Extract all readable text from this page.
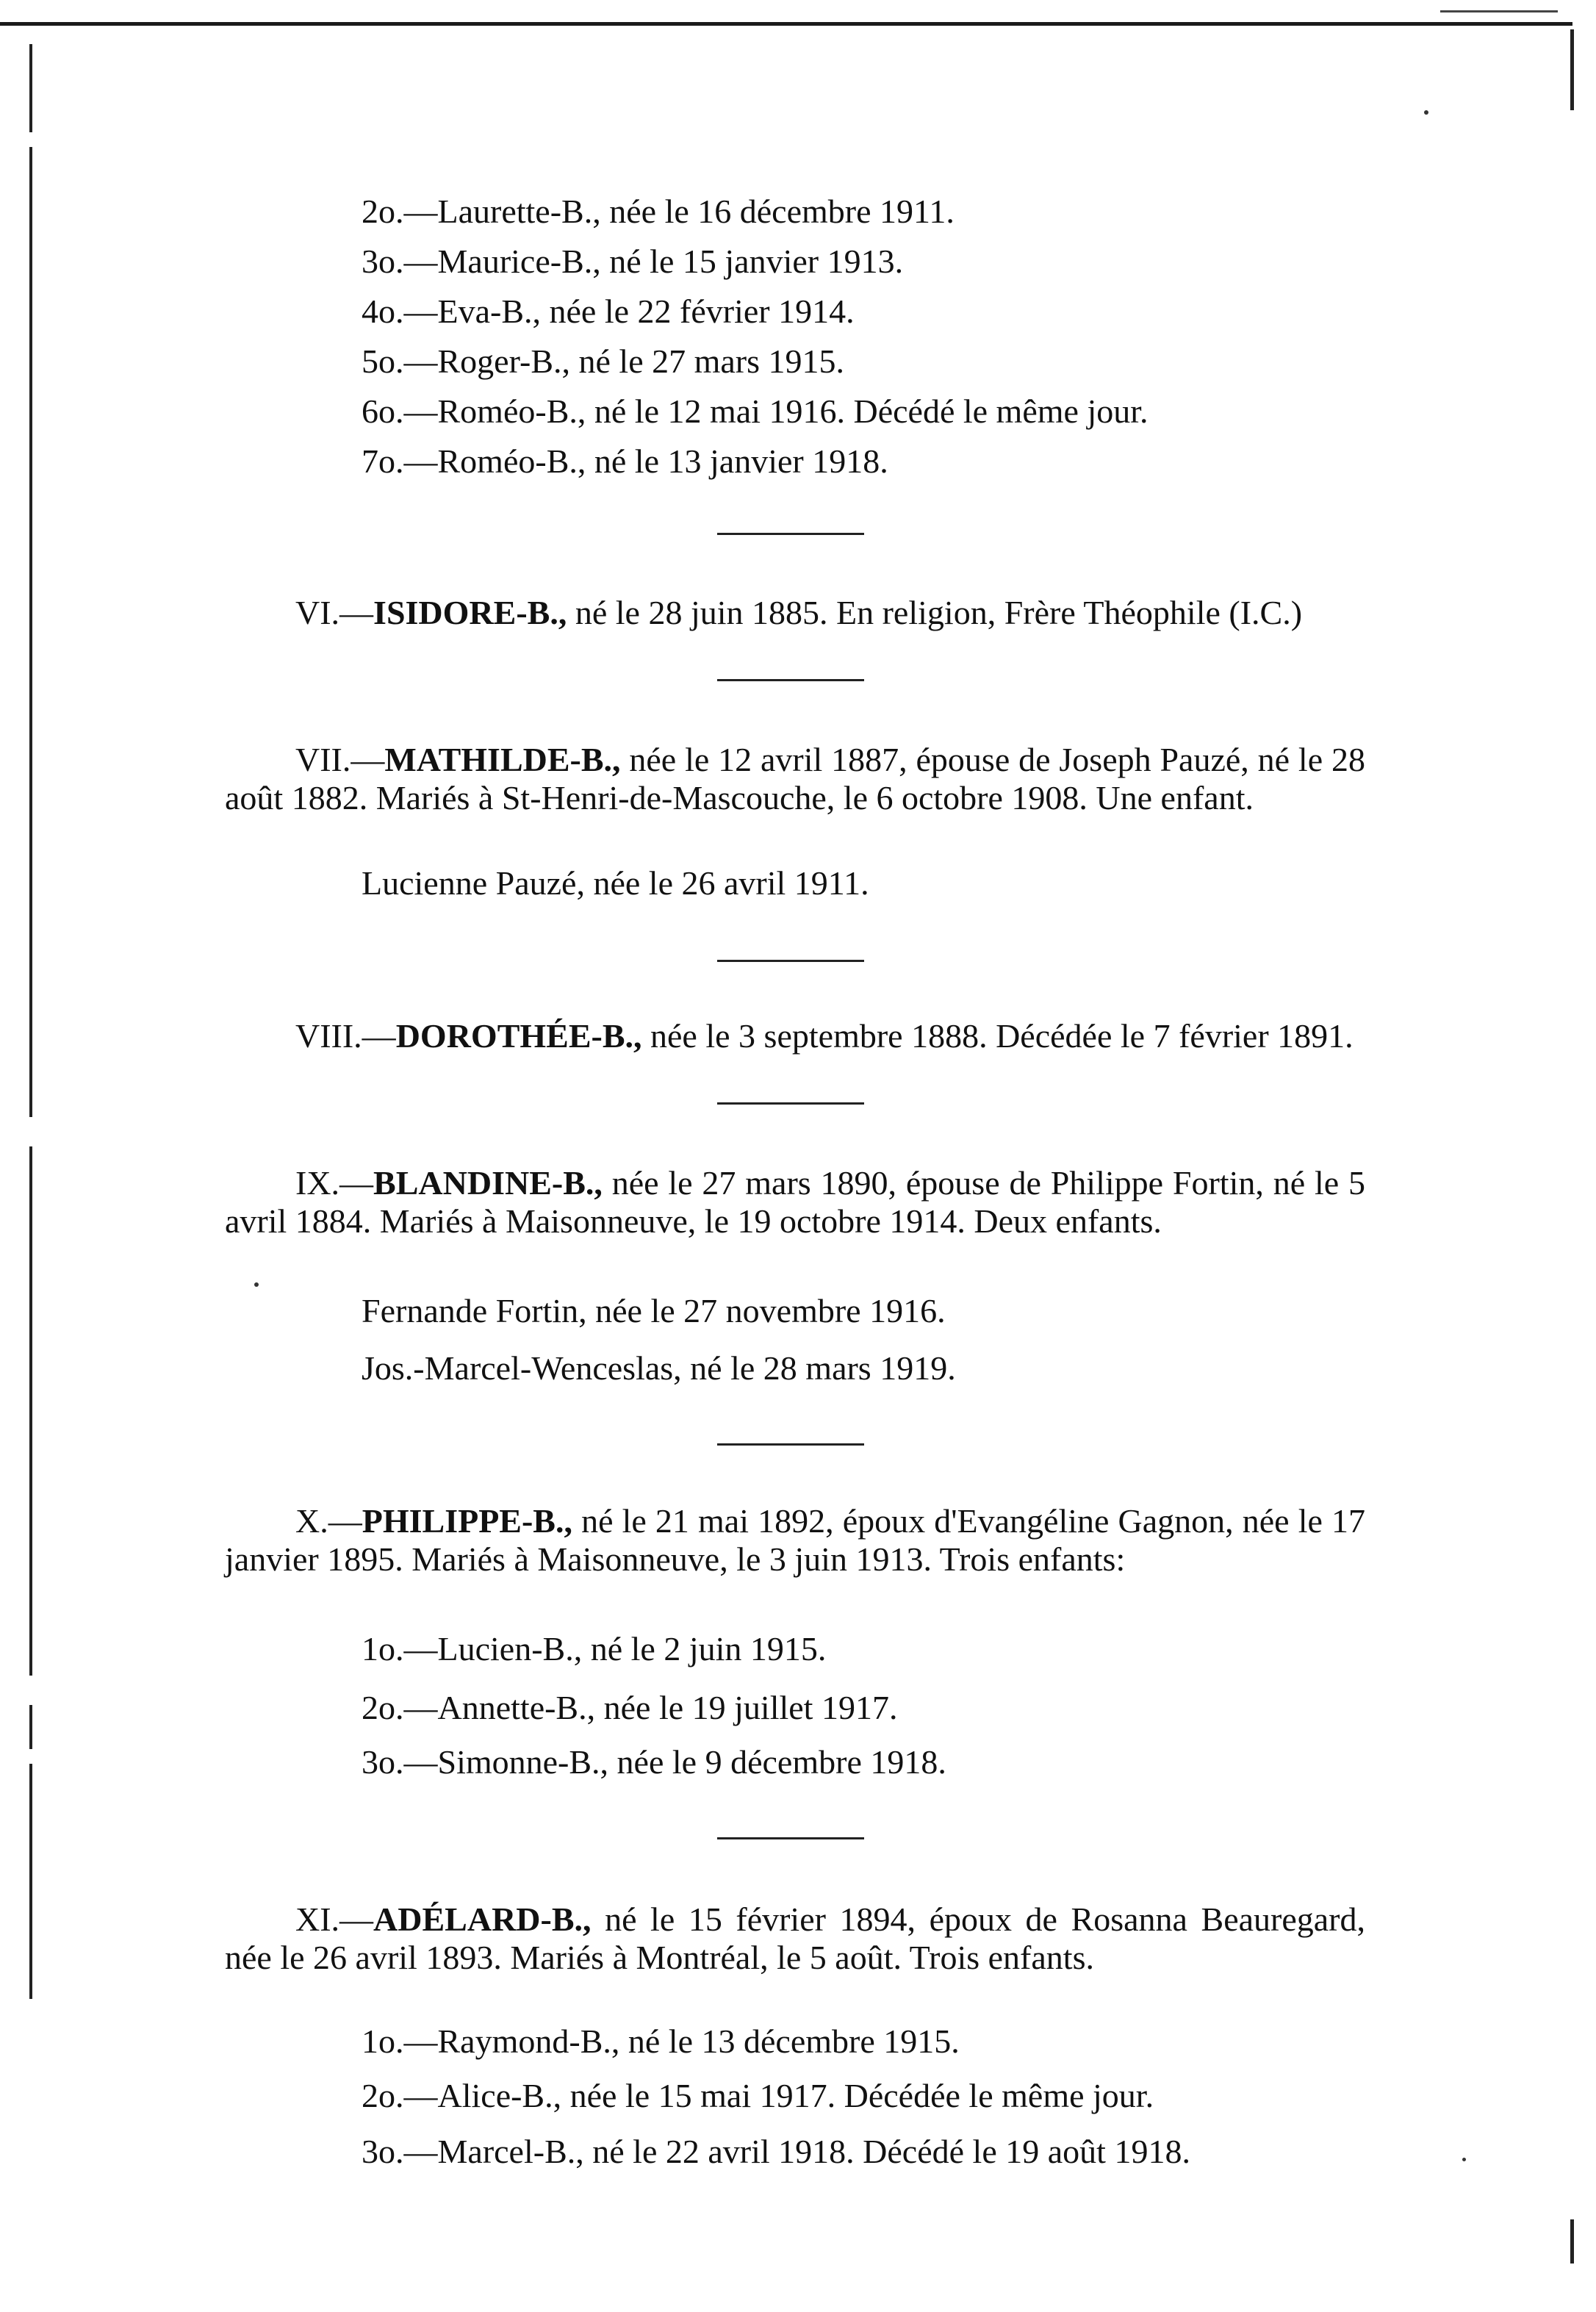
2o.—Laurette-B., née le 16 décembre 1911.
3o.—Maurice-B., né le 15 janvier 1913.
4o.—Eva-B., née le 22 février 1914.
5o.—Roger-B., né le 27 mars 1915.
6o.—Roméo-B., né le 12 mai 1916. Décédé le même jour.
7o.—Roméo-B., né le 13 janvier 1918.
VI.—ISIDORE-B., né le 28 juin 1885. En religion, Frère Théophile (I.C.)
VII.—MATHILDE-B., née le 12 avril 1887, épouse de Joseph Pauzé, né le 28 août 1882. Mariés à St-Henri-de-Mascouche, le 6 octobre 1908. Une enfant.
Lucienne Pauzé, née le 26 avril 1911.
VIII.—DOROTHÉE-B., née le 3 septembre 1888. Décédée le 7 février 1891.
IX.—BLANDINE-B., née le 27 mars 1890, épouse de Philippe Fortin, né le 5 avril 1884. Mariés à Maisonneuve, le 19 octobre 1914. Deux enfants.
Fernande Fortin, née le 27 novembre 1916.
Jos.-Marcel-Wenceslas, né le 28 mars 1919.
X.—PHILIPPE-B., né le 21 mai 1892, époux d'Evangéline Gagnon, née le 17 janvier 1895. Mariés à Maisonneuve, le 3 juin 1913. Trois enfants:
1o.—Lucien-B., né le 2 juin 1915.
2o.—Annette-B., née le 19 juillet 1917.
3o.—Simonne-B., née le 9 décembre 1918.
XI.—ADÉLARD-B., né le 15 février 1894, époux de Rosanna Beauregard, née le 26 avril 1893. Mariés à Montréal, le 5 août. Trois enfants.
1o.—Raymond-B., né le 13 décembre 1915.
2o.—Alice-B., née le 15 mai 1917. Décédée le même jour.
3o.—Marcel-B., né le 22 avril 1918. Décédé le 19 août 1918.
